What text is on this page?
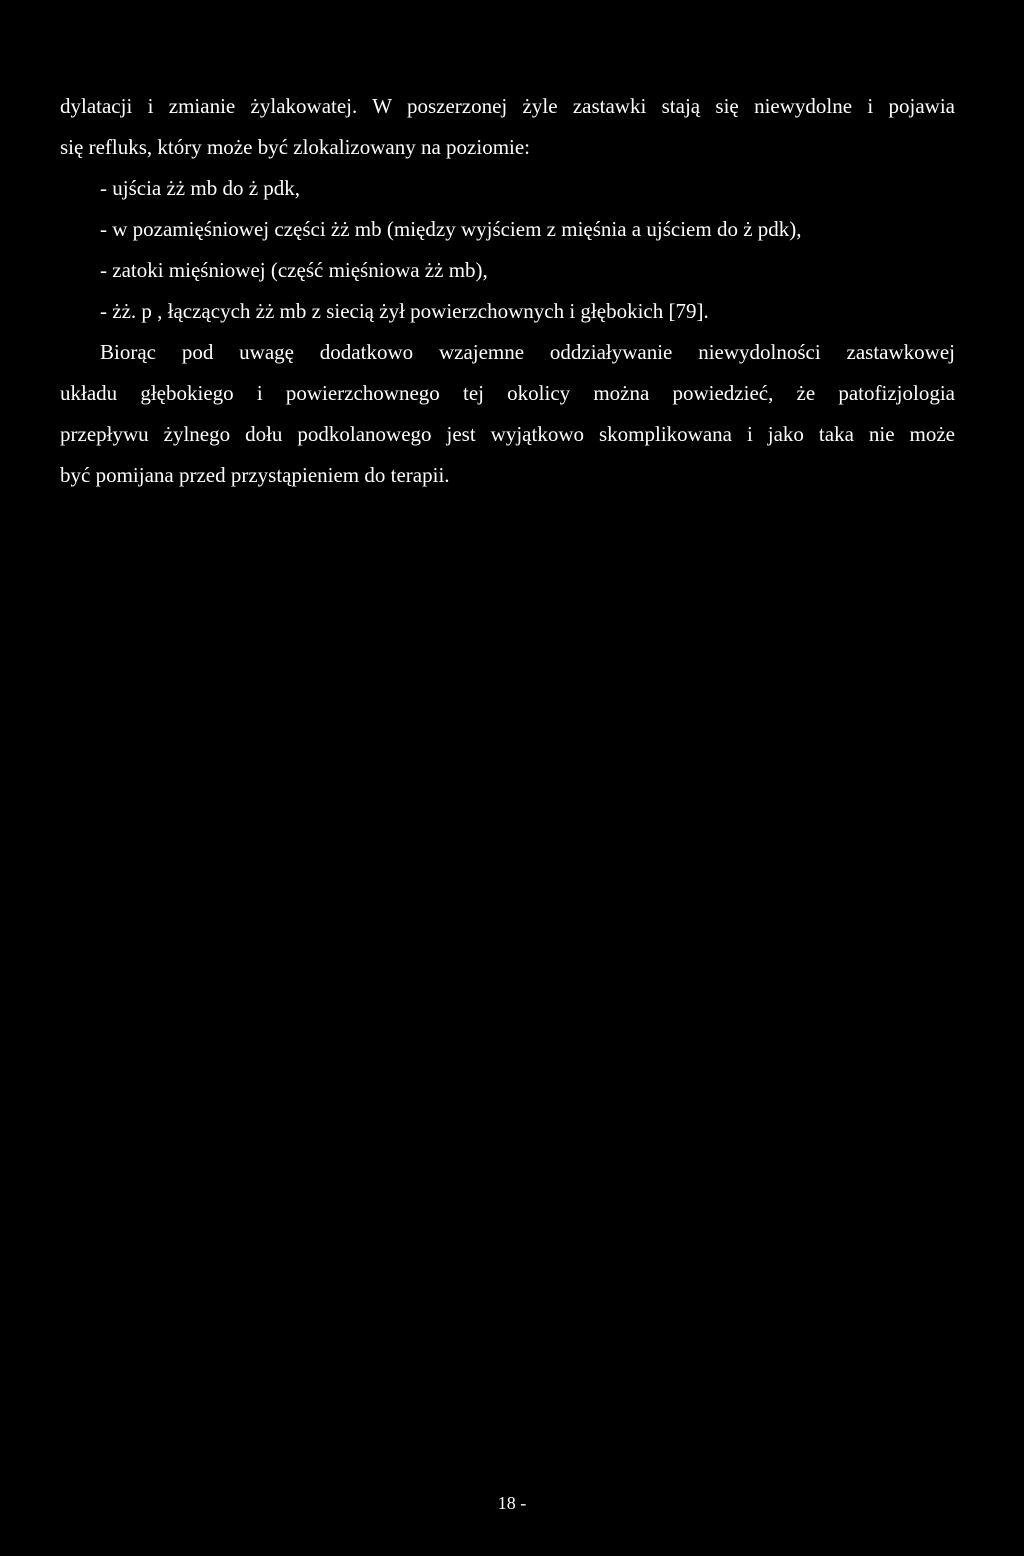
dylatacji i zmianie żylakowatej. W poszerzonej żyle zastawki stają się niewydolne i pojawia
się refluks, który może być zlokalizowany na poziomie:
- ujścia żż mb do ż pdk,
- w pozamięśniowej części żż mb (między wyjściem z mięśnia a ujściem do ż pdk),
- zatoki mięśniowej (część mięśniowa żż mb),
- żż. p , łączących żż mb z siecią żył powierzchownych i głębokich [79].
Biorąc pod uwagę dodatkowo wzajemne oddziaływanie niewydolności zastawkowej
układu głębokiego i powierzchownego tej okolicy można powiedzieć, że patofizjologia
przepływu żylnego dołu podkolanowego jest wyjątkowo skomplikowana i jako taka nie może
być pomijana przed przystąpieniem do terapii.
18 -
